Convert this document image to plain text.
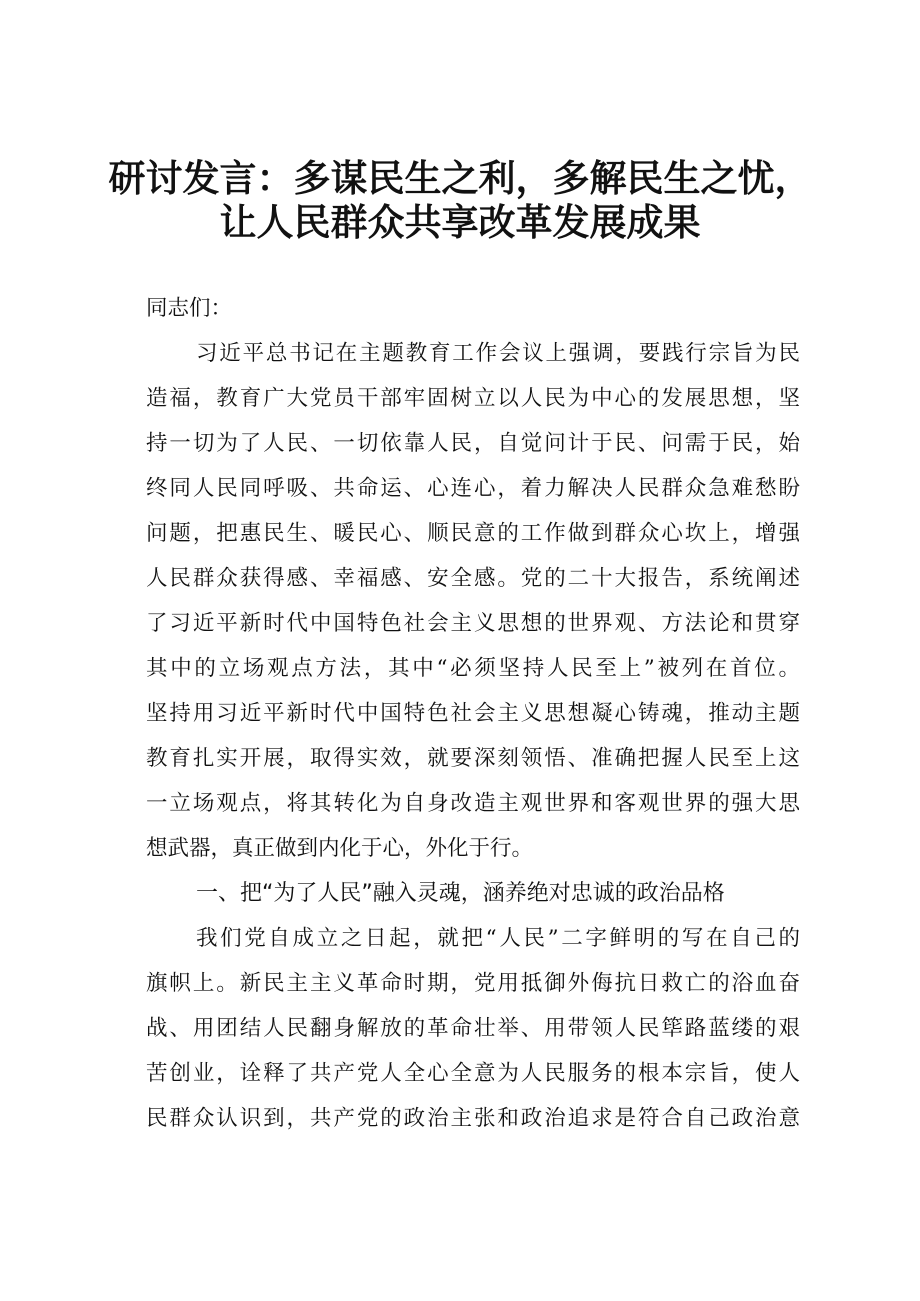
研讨发言：多谋民生之利，多解民生之忧，
让人民群众共享改革发展成果
同志们：
习近平总书记在主题教育工作会议上强调，要践行宗旨为民
造福，教育广大党员干部牢固树立以人民为中心的发展思想，坚
持一切为了人民、一切依靠人民，自觉问计于民、问需于民，始
终同人民同呼吸、共命运、心连心，着力解决人民群众急难愁盼
问题，把惠民生、暖民心、顺民意的工作做到群众心坎上，增强
人民群众获得感、幸福感、安全感。党的二十大报告，系统阐述
了习近平新时代中国特色社会主义思想的世界观、方法论和贯穿
其中的立场观点方法，其中“必须坚持人民至上”被列在首位。
坚持用习近平新时代中国特色社会主义思想凝心铸魂，推动主题
教育扎实开展，取得实效，就要深刻领悟、准确把握人民至上这
一立场观点，将其转化为自身改造主观世界和客观世界的强大思
想武器，真正做到内化于心，外化于行。
一、把“为了人民”融入灵魂，涵养绝对忠诚的政治品格
我们党自成立之日起，就把“人民”二字鲜明的写在自己的
旗帜上。新民主主义革命时期，党用抵御外侮抗日救亡的浴血奋
战、用团结人民翻身解放的革命壮举、用带领人民筚路蓝缕的艰
苦创业，诠释了共产党人全心全意为人民服务的根本宗旨，使人
民群众认识到，共产党的政治主张和政治追求是符合自己政治意
